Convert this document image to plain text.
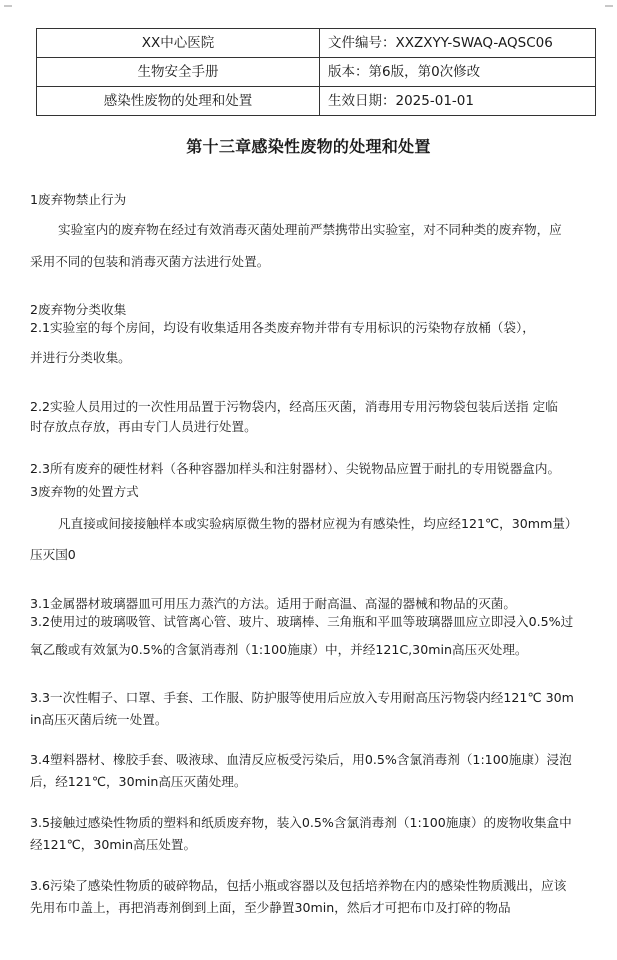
XX中心医院	文件编号：XXZXYY-SWAQ-AQSC06
生物安全手册	版本：第6版，第0次修改
感染性废物的处理和处置	生效日期：2025-01-01
第十三章感染性废物的处理和处置
1废弃物禁止行为
实验室内的废弃物在经过有效消毒灭菌处理前严禁携带出实验室，对不同种类的废弃物，应
采用不同的包装和消毒灭菌方法进行处置。
2废弃物分类收集
2.1实验室的每个房间，均设有收集适用各类废弃物并带有专用标识的污染物存放桶（袋），
并进行分类收集。
2.2实验人员用过的一次性用品置于污物袋内，经高压灭菌，消毒用专用污物袋包装后送指 定临
时存放点存放，再由专门人员进行处置。
2.3所有废弃的硬性材料（各种容器加样头和注射器材）、尖锐物品应置于耐扎的专用锐器盒内。
3废弃物的处置方式
凡直接或间接接触样本或实验病原微生物的器材应视为有感染性，均应经121℃，30mm量）
压灭国0
3.1金属器材玻璃器皿可用压力蒸汽的方法。适用于耐高温、高湿的器械和物品的灭菌。
3.2使用过的玻璃吸管、试管离心管、玻片、玻璃棒、三角瓶和平皿等玻璃器皿应立即浸入0.5%过
氧乙酸或有效氯为0.5%的含氯消毒剂（1:100施康）中，并经121C,30min高压灭处理。
3.3一次性帽子、口罩、手套、工作服、防护服等使用后应放入专用耐高压污物袋内经121℃ 30m
in高压灭菌后统一处置。
3.4塑料器材、橡胶手套、吸液球、血清反应板受污染后，用0.5%含氯消毒剂（1:100施康）浸泡
后，经121℃，30min高压灭菌处理。
3.5接触过感染性物质的塑料和纸质废弃物，装入0.5%含氯消毒剂（1:100施康）的废物收集盒中
经121℃，30min高压处置。
3.6污染了感染性物质的破碎物品，包括小瓶或容器以及包括培养物在内的感染性物质溅出，应该
先用布巾盖上，再把消毒剂倒到上面，至少静置30min，然后才可把布巾及打碎的物品
